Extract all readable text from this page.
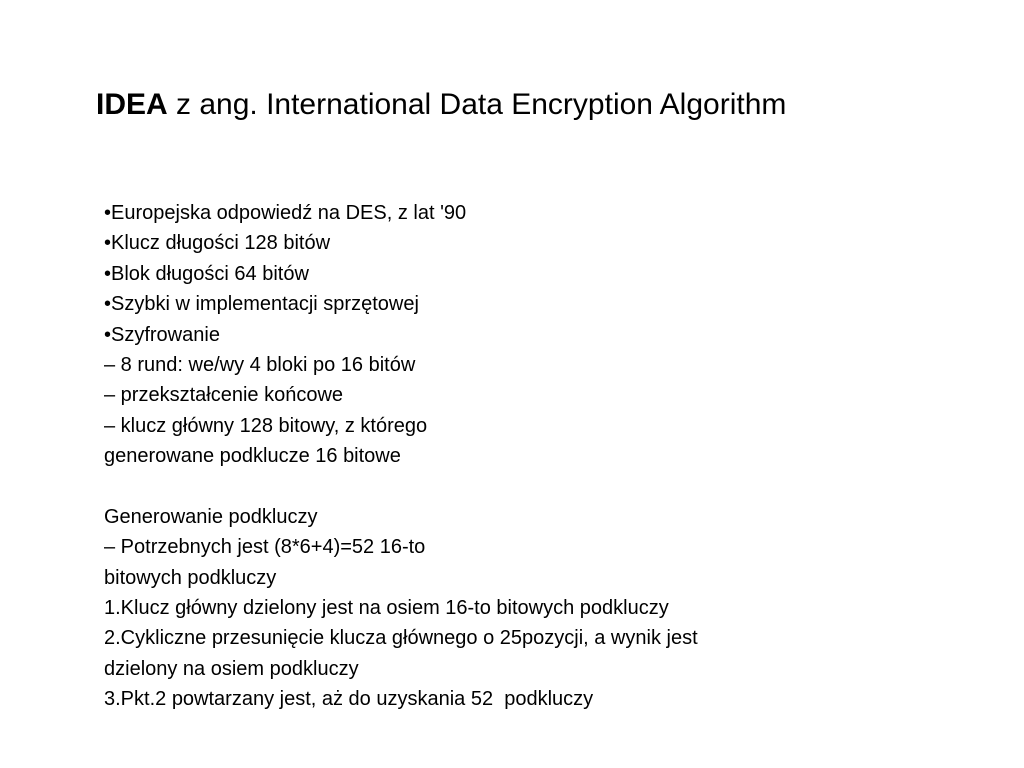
IDEA z ang. International Data Encryption Algorithm
•Europejska odpowiedź na DES, z lat '90
•Klucz długości 128 bitów
•Blok długości 64 bitów
•Szybki w implementacji sprzętowej
•Szyfrowanie
– 8 rund: we/wy 4 bloki po 16 bitów
– przekształcenie końcowe
– klucz główny 128 bitowy, z którego
generowane podklucze 16 bitowe
Generowanie podkluczy
– Potrzebnych jest (8*6+4)=52 16-to
bitowych podkluczy
1.Klucz główny dzielony jest na osiem 16-to bitowych podkluczy
2.Cykliczne przesunięcie klucza głównego o 25pozycji, a wynik jest
dzielony na osiem podkluczy
3.Pkt.2 powtarzany jest, aż do uzyskania 52  podkluczy
